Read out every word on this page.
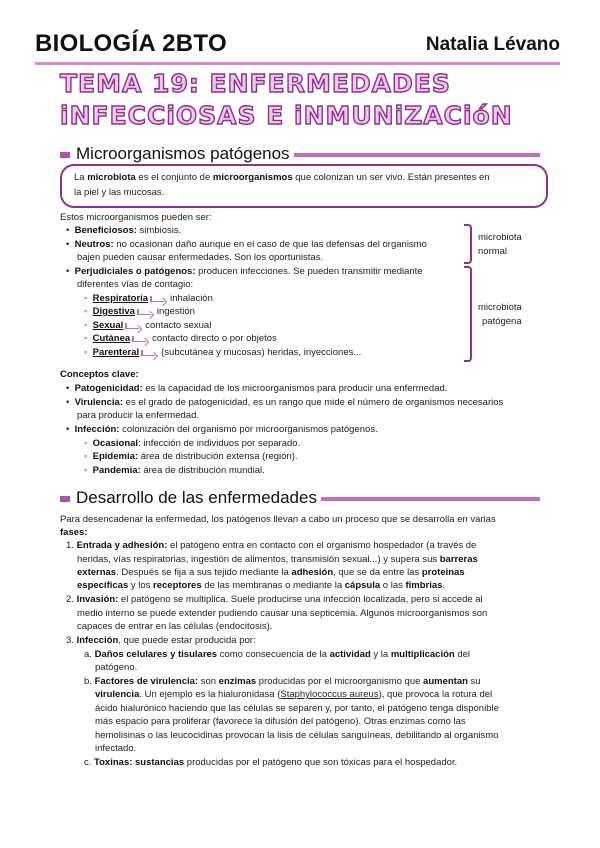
BIOLOGÍA 2BTO	Natalia Lévano
TEMA 19: ENFERMEDADES
iNFECCiOSAS E iNMUNiZACióN
Microorganismos patógenos
La microbiota es el conjunto de microorganismos que colonizan un ser vivo. Están presentes en
la piel y las mucosas.
Estos microorganismos pueden ser:
•  Beneficiosos: simbiosis.
•  Neutros: no ocasionan daño aunque en el caso de que las defensas del organismo
bajen pueden causar enfermedades. Son los oportunistas.
•  Perjudiciales o patógenos: producen infecciones. Se pueden transmitir mediante
diferentes vías de contagio:
◦  Respiratoria inhalación
◦  Digestiva ingestión
◦  Sexual contacto sexual
◦  Cutánea contacto directo o por objetos
◦  Parenteral (subcutánea y mucosas) heridas, inyecciones...
microbiota
normal
microbiota
patógena
Conceptos clave:
•  Patogenicidad: es la capacidad de los microorganismos para producir una enfermedad.
•  Virulencia: es el grado de patogenicidad, es un rango que mide el número de organismos necesarios
para producir la enfermedad.
•  Infección: colonización del organismo por microorganismos patógenos.
◦  Ocasional: infección de individuos por separado.
◦  Epidemia: área de distribución extensa (región).
◦  Pandemia: área de distribución mundial.
Desarrollo de las enfermedades
Para desencadenar la enfermedad, los patógenos llevan a cabo un proceso que se desarrolla en varias
fases:
1. Entrada y adhesión: el patógeno entra en contacto con el organismo hospedador (a través de
heridas, vías respiratorias, ingestión de alimentos, transmisión sexual...) y supera sus barreras
externas. Después se fija a sus tejido mediante la adhesión, que se da entre las proteinas
específicas y los receptores de las membranas o mediante la cápsula o las fimbrias.
2. Invasión: el patógeno se multiplica. Suele producirse una infección localizada, pero si accede al
medio interno se puede extender pudiendo causar una septicemia. Algunos microorganismos son
capaces de entrar en las células (endocitosis).
3. Infección, que puede estar producida por:
a. Daños celulares y tisulares como consecuencia de la actividad y la multiplicación del
patógeno.
b. Factores de virulencia: son enzimas producidas por el microorganismo que aumentan su
virulencia. Un ejemplo es la hialuronidasa (Staphylococcus aureus), que provoca la rotura del
ácido hialurónico haciendo que las células se separen y, por tanto, el patógeno tenga disponible
más espacio para proliferar (favorece la difusión del patógeno). Otras enzimas como las
hemolisinas o las leucocidinas provocan la lisis de células sanguíneas, debilitando al organismo
infectado.
c. Toxinas: sustancias producidas por el patógeno que son tóxicas para el hospedador.
